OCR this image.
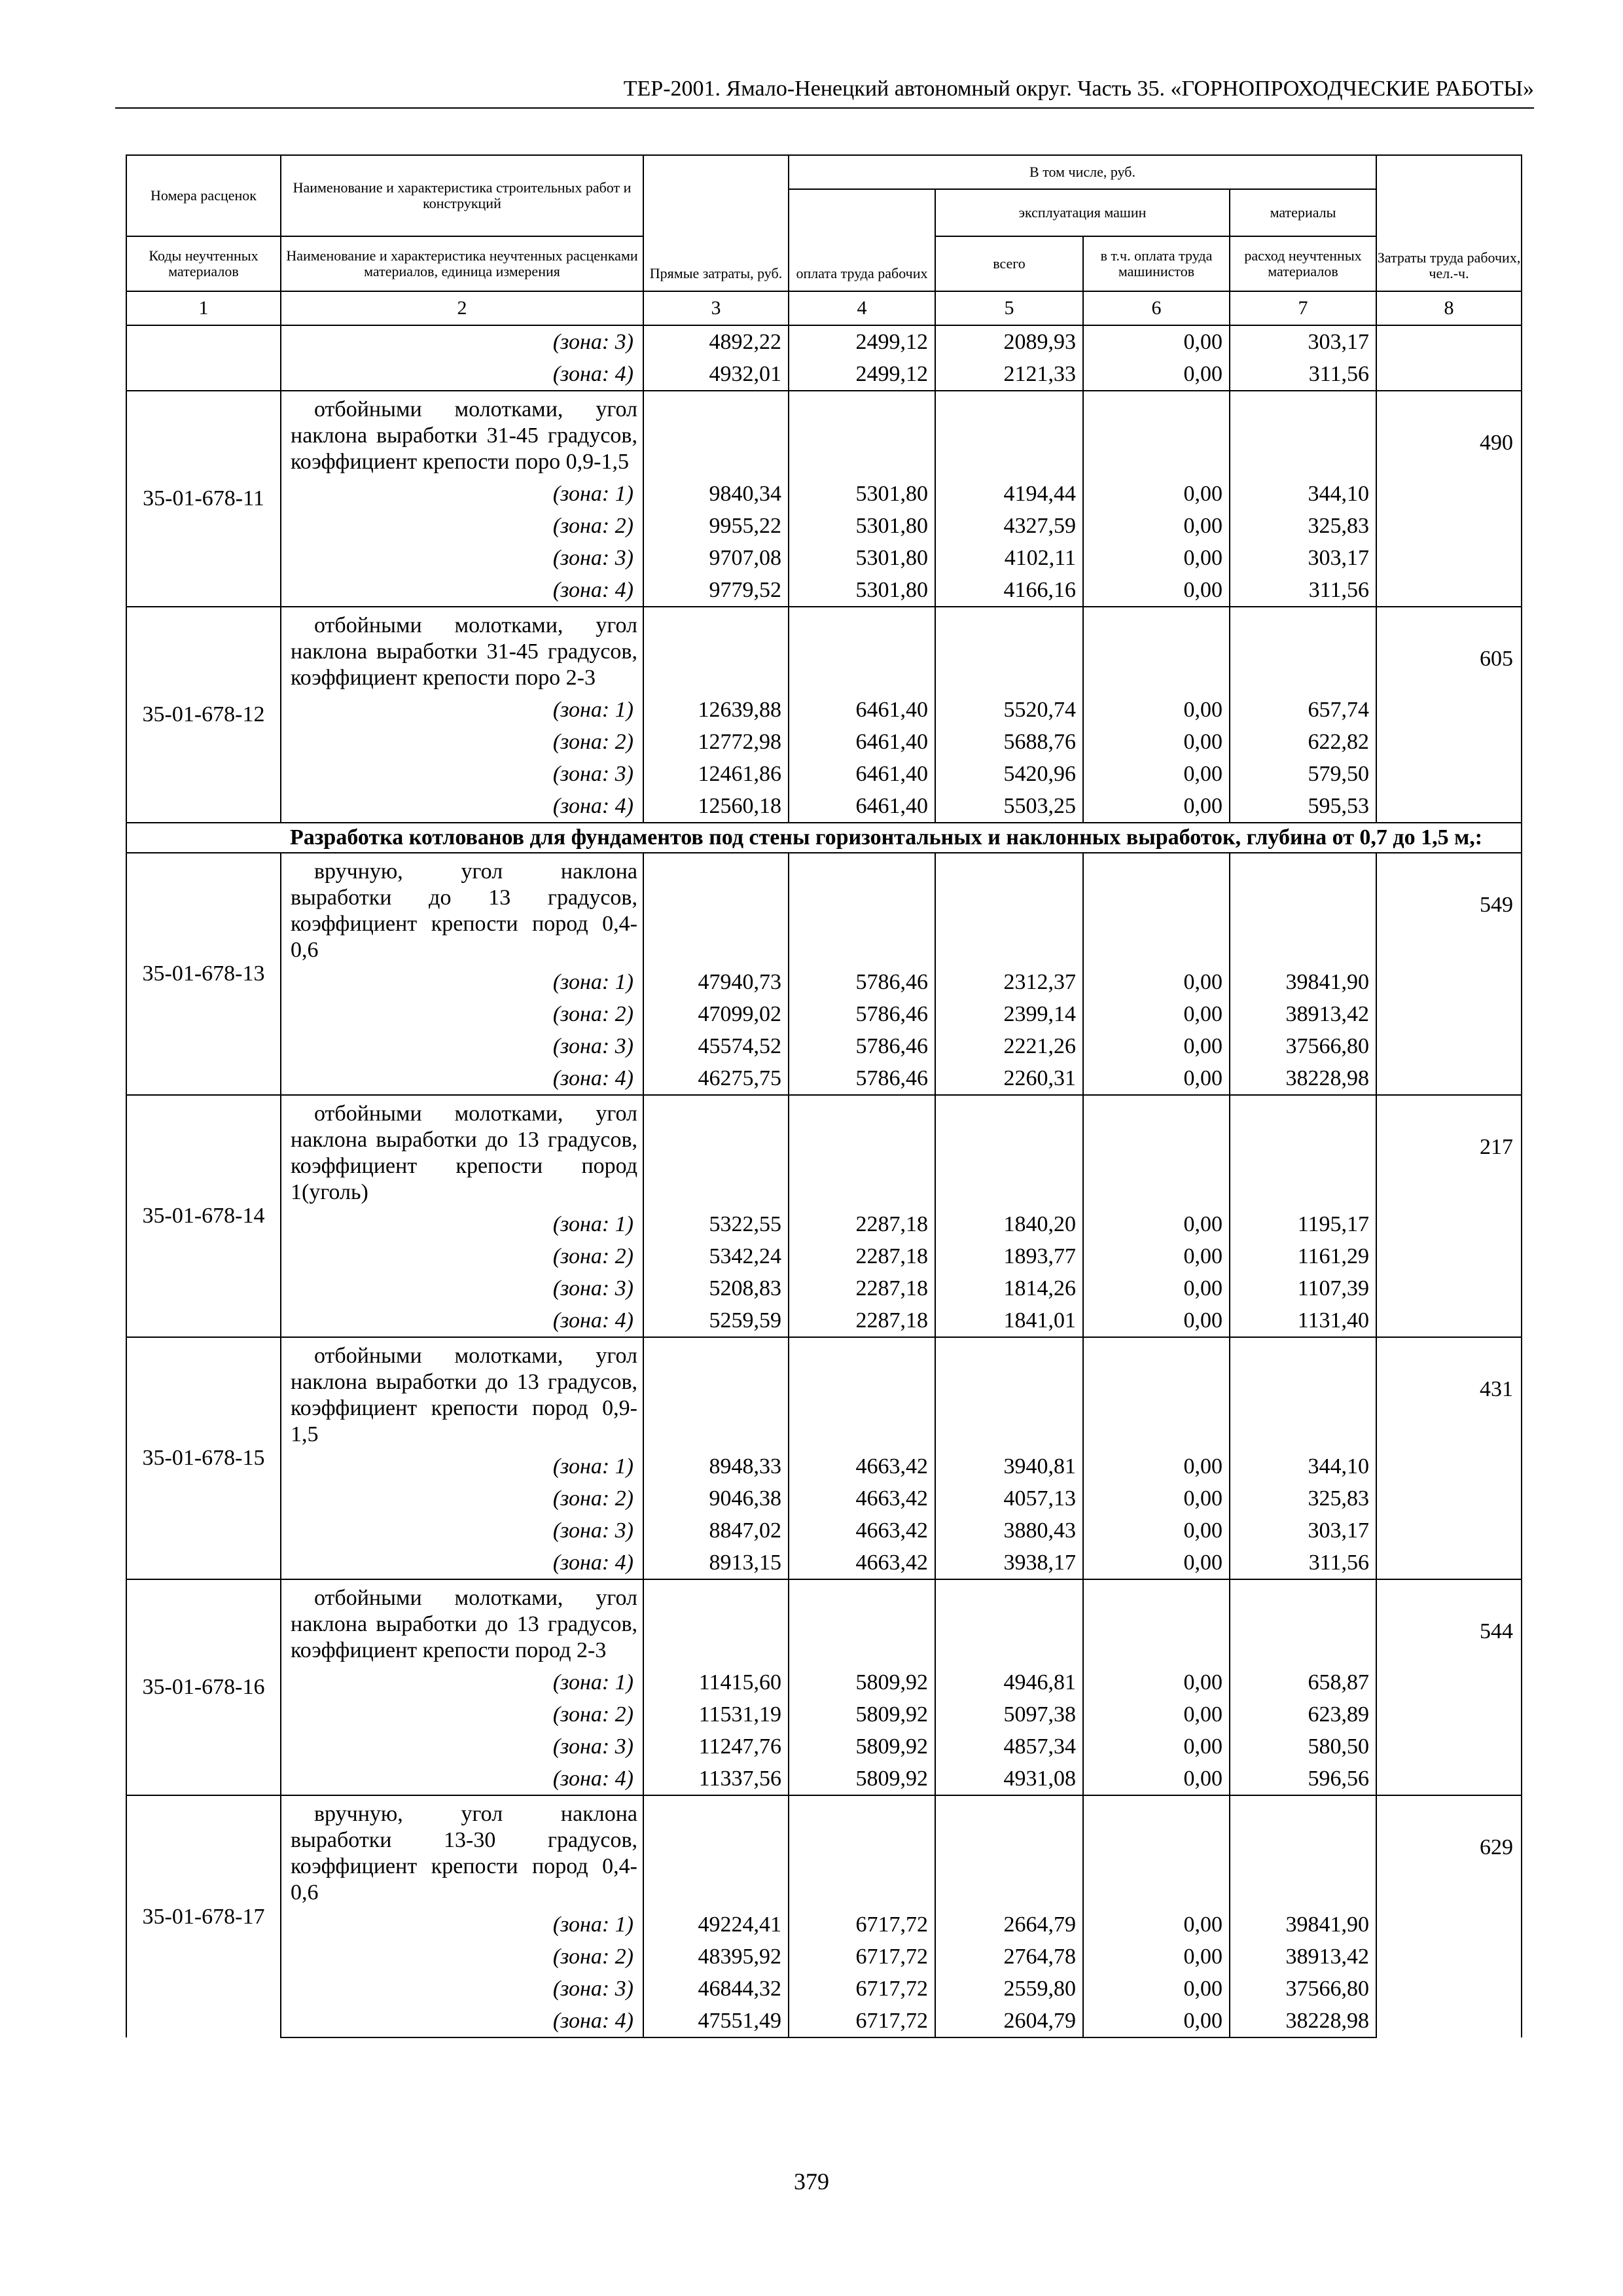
ТЕР-2001. Ямало-Ненецкий автономный округ. Часть 35. «ГОРНОПРОХОДЧЕСКИЕ РАБОТЫ»
Номера расценок	Наименование и характеристика строительных работ и конструкций	Прямые затраты, руб.	В том числе, руб.				Затраты труда рабочих, чел.-ч.
			оплата труда рабочих	эксплуатация машин		материалы	
Коды неучтенных материалов	Наименование и характеристика неучтенных расценками материалов, единица измерения			всего	в т.ч. оплата труда машинистов	расход неучтенных материалов	
1	2	3	4	5	6	7	8
	(зона: 3)	4892,22	2499,12	2089,93	0,00	303,17	
	(зона: 4)	4932,01	2499,12	2121,33	0,00	311,56	
35-01-678-11	отбойными молотками, угол наклона выработки 31-45 градусов, коэффициент крепости поро 0,9-1,5						490
	(зона: 1)	9840,34	5301,80	4194,44	0,00	344,10	
	(зона: 2)	9955,22	5301,80	4327,59	0,00	325,83	
	(зона: 3)	9707,08	5301,80	4102,11	0,00	303,17	
	(зона: 4)	9779,52	5301,80	4166,16	0,00	311,56	
35-01-678-12	отбойными молотками, угол наклона выработки 31-45 градусов, коэффициент крепости поро 2-3						605
	(зона: 1)	12639,88	6461,40	5520,74	0,00	657,74	
	(зона: 2)	12772,98	6461,40	5688,76	0,00	622,82	
	(зона: 3)	12461,86	6461,40	5420,96	0,00	579,50	
	(зона: 4)	12560,18	6461,40	5503,25	0,00	595,53	
	Разработка котлованов для фундаментов под стены горизонтальных и наклонных выработок, глубина от 0,7 до 1,5 м,:						
35-01-678-13	вручную, угол наклона выработки до 13 градусов, коэффициент крепости пород 0,4-0,6						549
	(зона: 1)	47940,73	5786,46	2312,37	0,00	39841,90	
	(зона: 2)	47099,02	5786,46	2399,14	0,00	38913,42	
	(зона: 3)	45574,52	5786,46	2221,26	0,00	37566,80	
	(зона: 4)	46275,75	5786,46	2260,31	0,00	38228,98	
35-01-678-14	отбойными молотками, угол наклона выработки до 13 градусов, коэффициент крепости пород 1(уголь)						217
	(зона: 1)	5322,55	2287,18	1840,20	0,00	1195,17	
	(зона: 2)	5342,24	2287,18	1893,77	0,00	1161,29	
	(зона: 3)	5208,83	2287,18	1814,26	0,00	1107,39	
	(зона: 4)	5259,59	2287,18	1841,01	0,00	1131,40	
35-01-678-15	отбойными молотками, угол наклона выработки до 13 градусов, коэффициент крепости пород 0,9-1,5						431
	(зона: 1)	8948,33	4663,42	3940,81	0,00	344,10	
	(зона: 2)	9046,38	4663,42	4057,13	0,00	325,83	
	(зона: 3)	8847,02	4663,42	3880,43	0,00	303,17	
	(зона: 4)	8913,15	4663,42	3938,17	0,00	311,56	
35-01-678-16	отбойными молотками, угол наклона выработки до 13 градусов, коэффициент крепости пород 2-3						544
	(зона: 1)	11415,60	5809,92	4946,81	0,00	658,87	
	(зона: 2)	11531,19	5809,92	5097,38	0,00	623,89	
	(зона: 3)	11247,76	5809,92	4857,34	0,00	580,50	
	(зона: 4)	11337,56	5809,92	4931,08	0,00	596,56	
35-01-678-17	вручную, угол наклона выработки 13-30 градусов, коэффициент крепости пород 0,4-0,6						629
	(зона: 1)	49224,41	6717,72	2664,79	0,00	39841,90	
	(зона: 2)	48395,92	6717,72	2764,78	0,00	38913,42	
	(зона: 3)	46844,32	6717,72	2559,80	0,00	37566,80	
	(зона: 4)	47551,49	6717,72	2604,79	0,00	38228,98	
379
